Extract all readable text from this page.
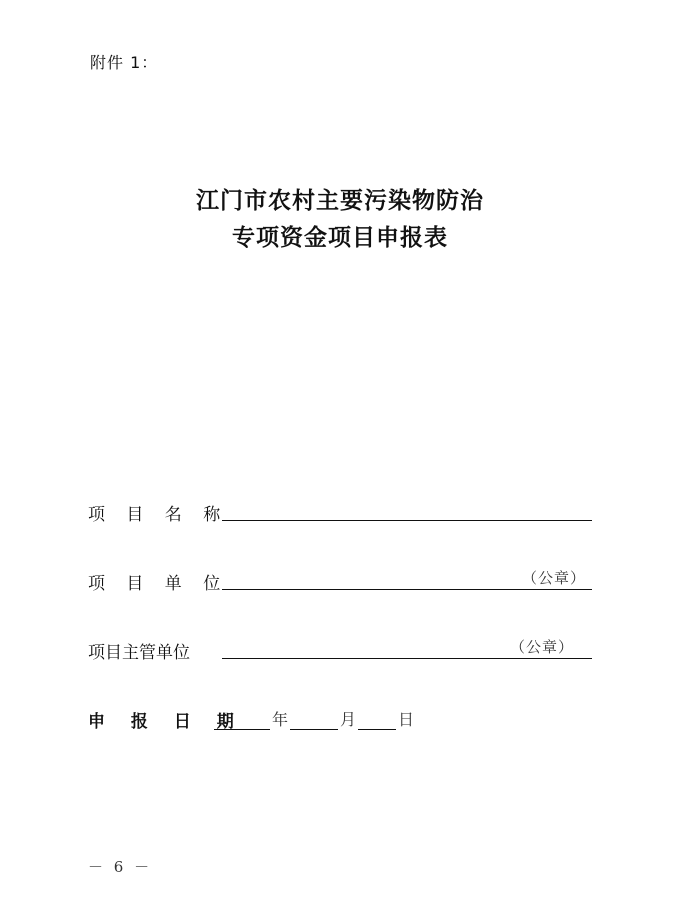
附件 1：
江门市农村主要污染物防治
专项资金项目申报表
项 目 名 称
项 目 单 位	（公章）
项目主管单位	（公章）
申 报 日 期 年	月	日
－ 6 －
